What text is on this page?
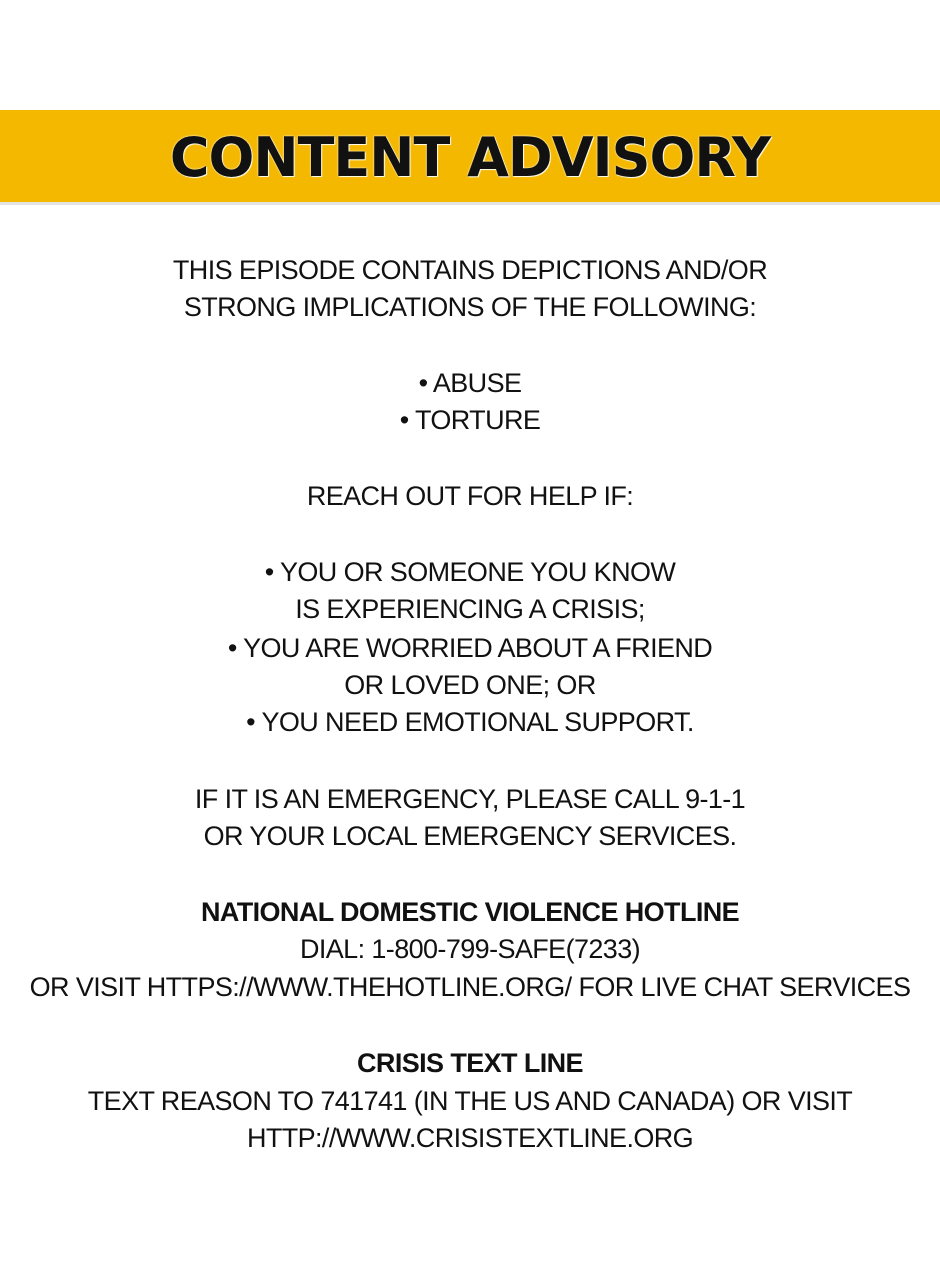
CONTENT ADVISORY
THIS EPISODE CONTAINS DEPICTIONS AND/OR
STRONG IMPLICATIONS OF THE FOLLOWING:
• ABUSE
• TORTURE
REACH OUT FOR HELP IF:
• YOU OR SOMEONE YOU KNOW
IS EXPERIENCING A CRISIS;
• YOU ARE WORRIED ABOUT A FRIEND
OR LOVED ONE; OR
• YOU NEED EMOTIONAL SUPPORT.
IF IT IS AN EMERGENCY, PLEASE CALL 9-1-1
OR YOUR LOCAL EMERGENCY SERVICES.
NATIONAL DOMESTIC VIOLENCE HOTLINE
DIAL: 1-800-799-SAFE(7233)
OR VISIT HTTPS://WWW.THEHOTLINE.ORG/ FOR LIVE CHAT SERVICES
CRISIS TEXT LINE
TEXT REASON TO 741741 (IN THE US AND CANADA) OR VISIT
HTTP://WWW.CRISISTEXTLINE.ORG
